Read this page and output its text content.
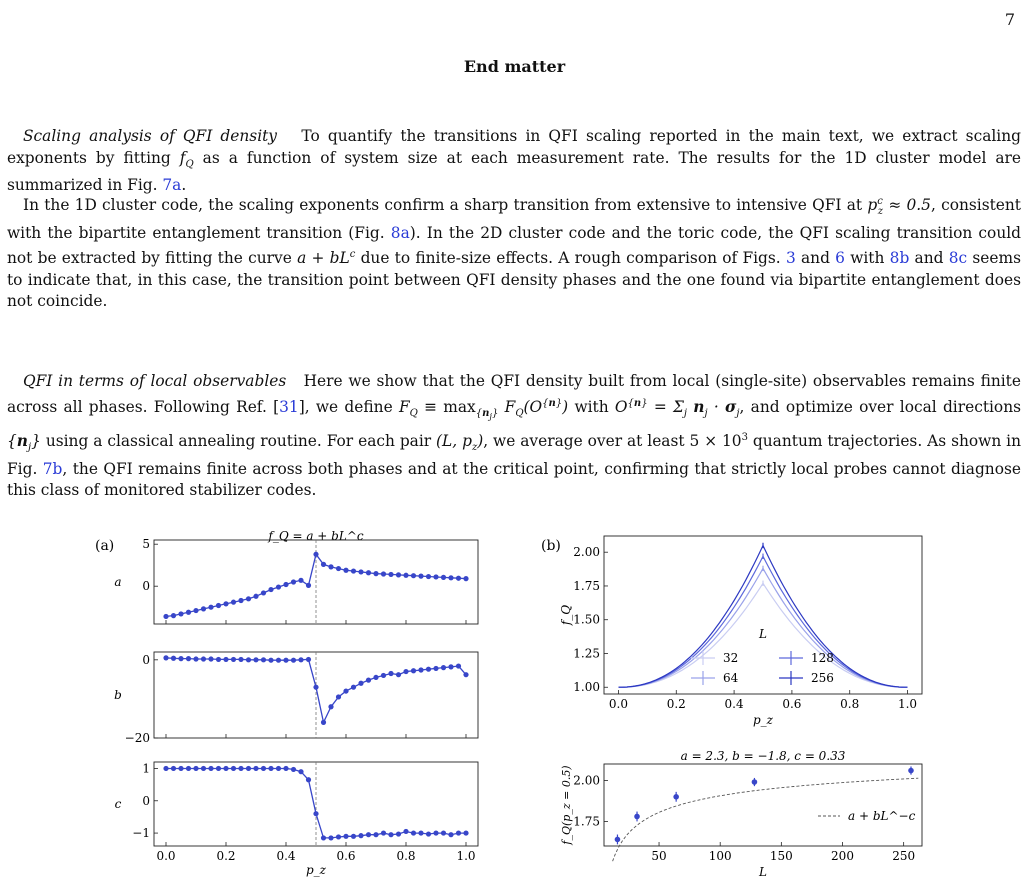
7
End matter

Scaling analysis of QFI density To quantify the transitions in QFI scaling reported in the main text, we extract scaling exponents by fitting $f_Q$ as a function of system size at each measurement rate. The results for the 1D cluster model are summarized in Fig. 7a.

In the 1D cluster code, the scaling exponents confirm a sharp transition from extensive to intensive QFI at $p^c_z \approx 0.5$, consistent with the bipartite entanglement transition (Fig. 8a). In the 2D cluster code and the toric code, the QFI scaling transition could not be extracted by fitting the curve $a + bL^c$ due to finite-size effects. A rough comparison of Figs. 3 and 6 with 8b and 8c seems to indicate that, in this case, the transition point between QFI density phases and the one found via bipartite entanglement does not coincide.

QFI in terms of local observables Here we show that the QFI density built from local (single-site) observables remains finite across all phases. Following Ref. [31], we define $F_Q \equiv \max_{\{n_j\}} F_Q(O^{\{n\}})$ with $O^{\{n\}} = \Sigma_j$ $n_j \cdot \sigma_j$, and optimize over local directions $\{n_j\}$ using a classical annealing routine. For each pair (L, $p_z$), we average over at least $5 \times 10^3$ quantum trajectories. As shown in Fig. 7b, the QFI remains finite across both phases and at the critical point, confirming that strictly local probes cannot diagnose this class of monitored stabilizer codes.

(a)
f_Q = a + bL^c
5
0
a
0
−20
b
1
0
−1
c
0.0	0.2	0.4	0.6	0.8	1.0
p_z
(b)
1.00
1.25
1.50
1.75
2.00
0.0	0.2	0.4	0.6	0.8	1.0
p_z
f_Q
L
32
64
128
256
a = 2.3, b = −1.8, c = 0.33
1.75
2.00
50	100	150	200	250
L
f_Q(p_z = 0.5)	a + bL^−c
